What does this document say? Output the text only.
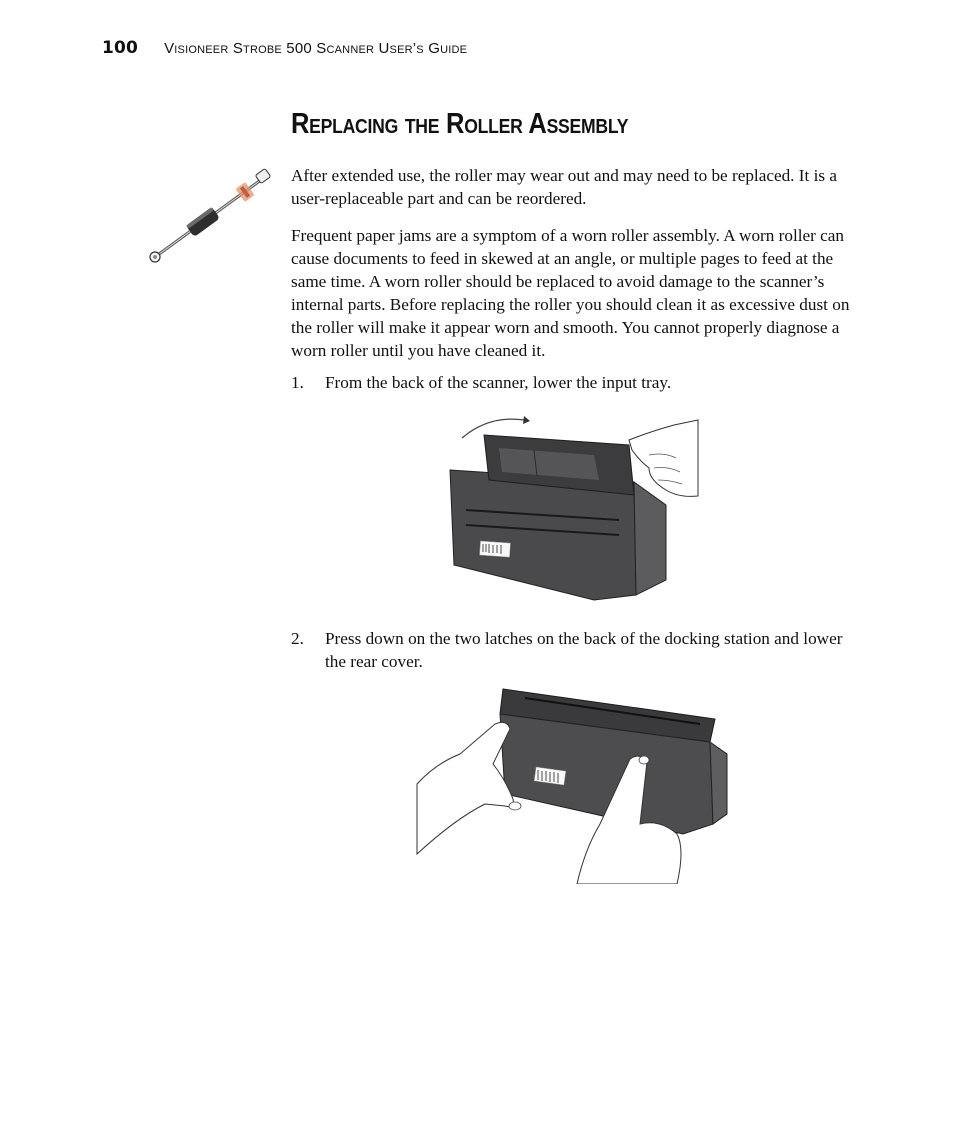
100 Visioneer Strobe 500 Scanner User’s Guide
Replacing the Roller Assembly

After extended use, the roller may wear out and may need to be replaced. It is a user-replaceable part and can be reordered.

Frequent paper jams are a symptom of a worn roller assembly. A worn roller can cause documents to feed in skewed at an angle, or multiple pages to feed at the same time. A worn roller should be replaced to avoid damage to the scanner’s internal parts. Before replacing the roller you should clean it as excessive dust on the roller will make it appear worn and smooth. You cannot properly diagnose a worn roller until you have cleaned it.

1.	From the back of the scanner, lower the input tray.
2.	Press down on the two latches on the back of the docking station and lower the rear cover.
